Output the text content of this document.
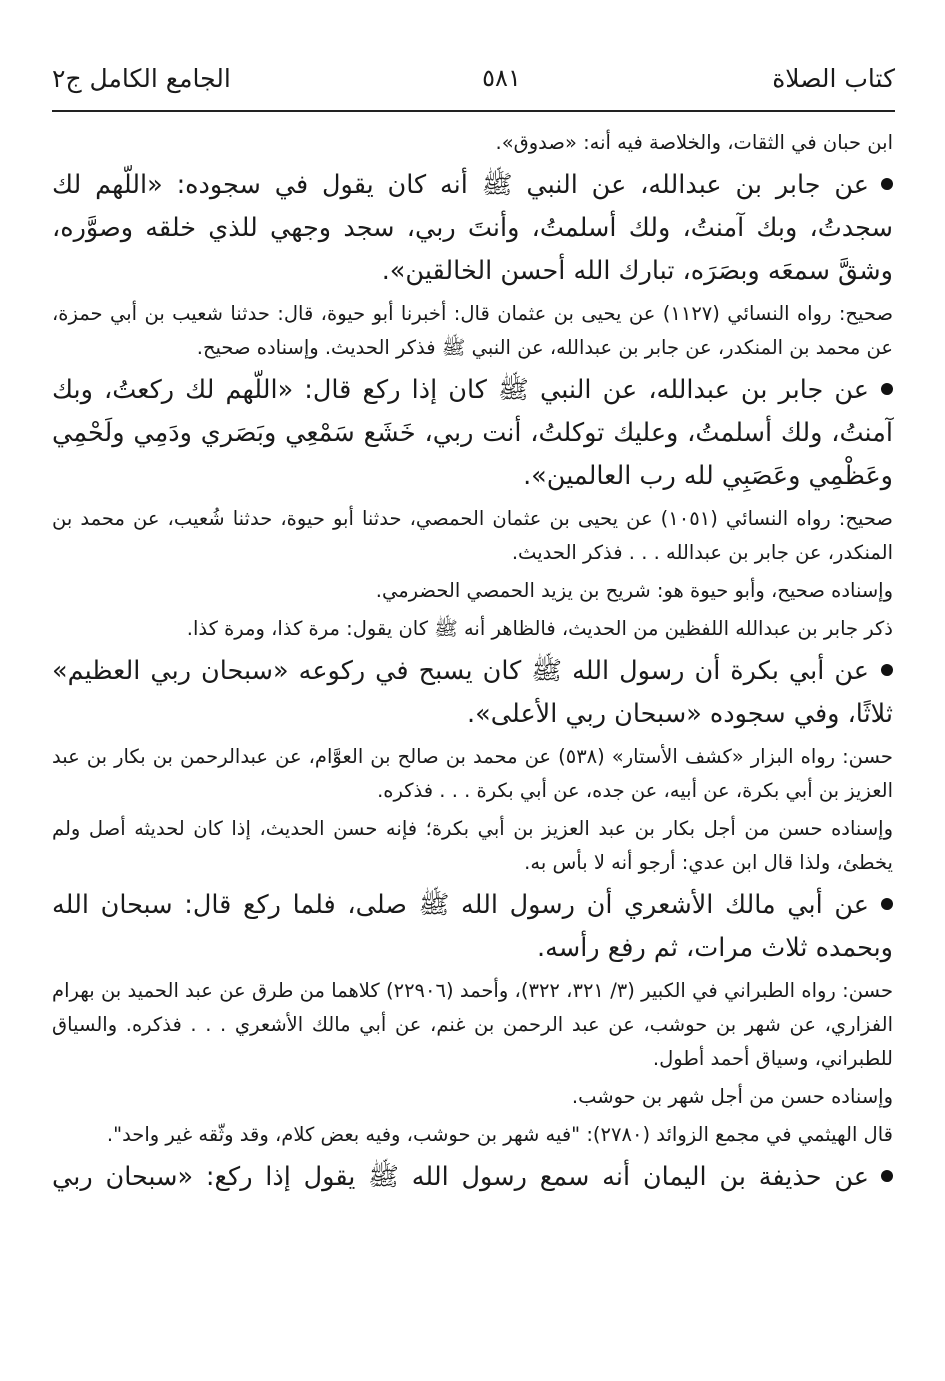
كتاب الصلاة
٥٨١
الجامع الكامل ج٢

ابن حبان في الثقات، والخلاصة فيه أنه: «صدوق».

عن جابر بن عبدالله، عن النبي ﷺ أنه كان يقول في سجوده: «اللّهم لك سجدتُ، وبك آمنتُ، ولك أسلمتُ، وأنتَ ربي، سجد وجهي للذي خلقه وصوَّره، وشقَّ سمعَه وبصَرَه، تبارك الله أحسن الخالقين».

صحيح: رواه النسائي (١١٢٧) عن يحيى بن عثمان قال: أخبرنا أبو حيوة، قال: حدثنا شعيب بن أبي حمزة، عن محمد بن المنكدر، عن جابر بن عبدالله، عن النبي ﷺ فذكر الحديث. وإسناده صحيح.

عن جابر بن عبدالله، عن النبي ﷺ كان إذا ركع قال: «اللّهم لك ركعتُ، وبك آمنتُ، ولك أسلمتُ، وعليك توكلتُ، أنت ربي، خَشَع سَمْعِي وبَصَري ودَمِي ولَحْمِي وعَظْمِي وعَصَبِي لله رب العالمين».

صحيح: رواه النسائي (١٠٥١) عن يحيى بن عثمان الحمصي، حدثنا أبو حيوة، حدثنا شُعيب، عن محمد بن المنكدر، عن جابر بن عبدالله . . . فذكر الحديث.

وإسناده صحيح، وأبو حيوة هو: شريح بن يزيد الحمصي الحضرمي.

ذكر جابر بن عبدالله اللفظين من الحديث، فالظاهر أنه ﷺ كان يقول: مرة كذا، ومرة كذا.

عن أبي بكرة أن رسول الله ﷺ كان يسبح في ركوعه «سبحان ربي العظيم» ثلاثًا، وفي سجوده «سبحان ربي الأعلى».

حسن: رواه البزار «كشف الأستار» (٥٣٨) عن محمد بن صالح بن العوَّام، عن عبدالرحمن بن بكار بن عبد العزيز بن أبي بكرة، عن أبيه، عن جده، عن أبي بكرة . . . فذكره.

وإسناده حسن من أجل بكار بن عبد العزيز بن أبي بكرة؛ فإنه حسن الحديث، إذا كان لحديثه أصل ولم يخطئ، ولذا قال ابن عدي: أرجو أنه لا بأس به.

عن أبي مالك الأشعري أن رسول الله ﷺ صلى، فلما ركع قال: سبحان الله وبحمده ثلاث مرات، ثم رفع رأسه.

حسن: رواه الطبراني في الكبير (٣/ ٣٢١، ٣٢٢)، وأحمد (٢٢٩٠٦) كلاهما من طرق عن عبد الحميد بن بهرام الفزاري، عن شهر بن حوشب، عن عبد الرحمن بن غنم، عن أبي مالك الأشعري . . . فذكره. والسياق للطبراني، وسياق أحمد أطول.

وإسناده حسن من أجل شهر بن حوشب.

قال الهيثمي في مجمع الزوائد (٢٧٨٠): "فيه شهر بن حوشب، وفيه بعض كلام، وقد وثّقه غير واحد".

عن حذيفة بن اليمان أنه سمع رسول الله ﷺ يقول إذا ركع: «سبحان ربي
